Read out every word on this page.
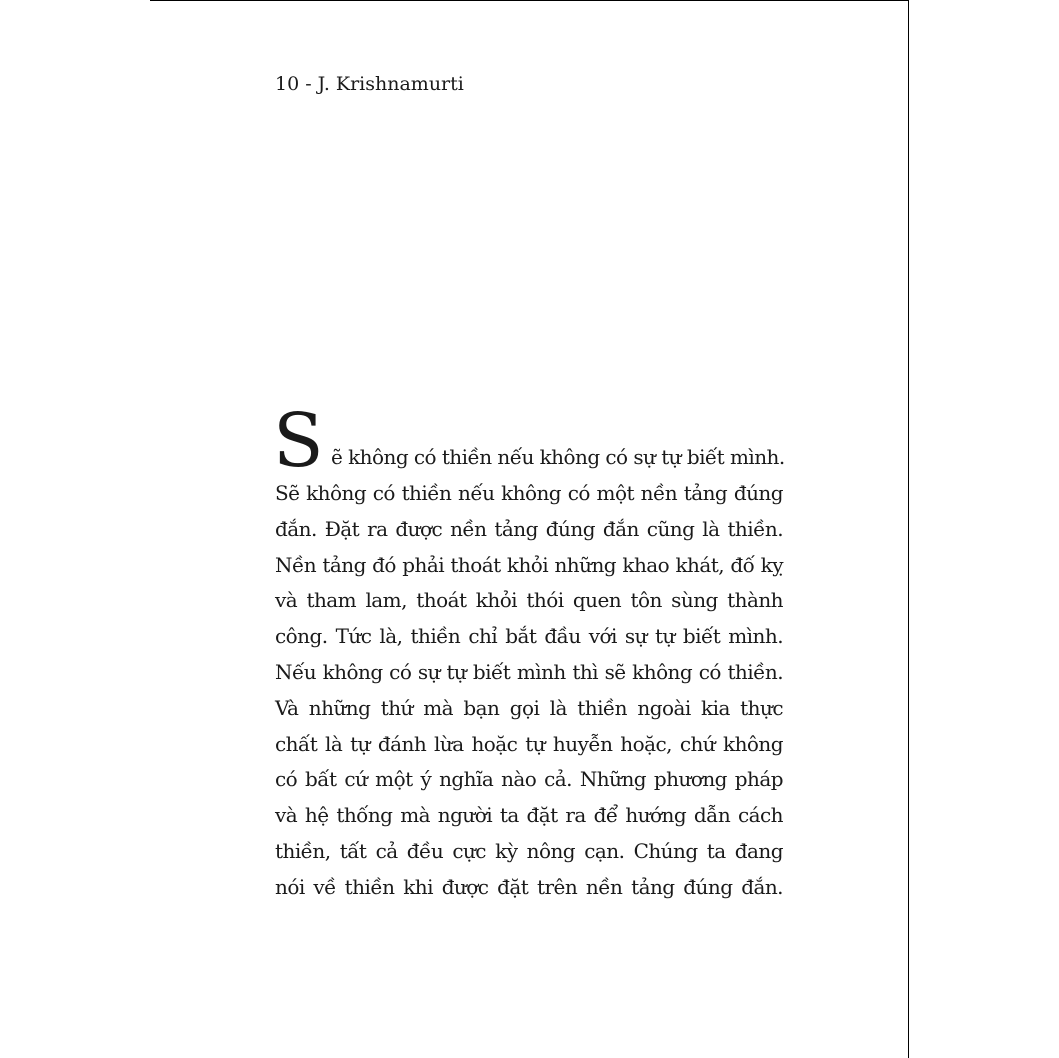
10 - J. Krishnamurti
S ẽ không có thiền nếu không có sự tự biết mình.
Sẽ không có thiền nếu không có một nền tảng đúng
đắn. Đặt ra được nền tảng đúng đắn cũng là thiền.
Nền tảng đó phải thoát khỏi những khao khát, đố kỵ
và tham lam, thoát khỏi thói quen tôn sùng thành
công. Tức là, thiền chỉ bắt đầu với sự tự biết mình.
Nếu không có sự tự biết mình thì sẽ không có thiền.
Và những thứ mà bạn gọi là thiền ngoài kia thực
chất là tự đánh lừa hoặc tự huyễn hoặc, chứ không
có bất cứ một ý nghĩa nào cả. Những phương pháp
và hệ thống mà người ta đặt ra để hướng dẫn cách
thiền, tất cả đều cực kỳ nông cạn. Chúng ta đang
nói về thiền khi được đặt trên nền tảng đúng đắn.
